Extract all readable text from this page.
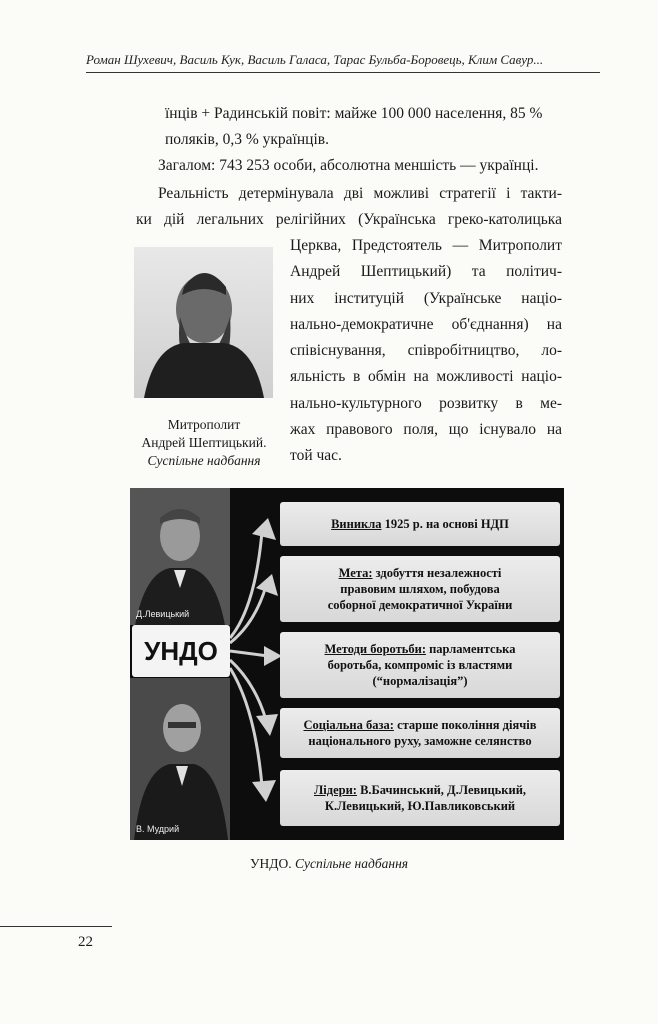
Роман Шухевич, Василь Кук, Василь Галаса, Тарас Бульба-Боровець, Клим Савур...
їнців + Радинській повіт: майже 100 000 населення, 85 %
поляків, 0,3 % українців.
Загалом: 743 253 особи, абсолютна меншість — українці.
Реальність детермінувала дві можливі стратегії і такти-
ки дій легальних релігійних (Українська греко-католицька
Церква, Предстоятель — Митрополит
Андрей Шептицький) та політич-
них інституцій (Українське націо-
нально-демократичне об'єднання) на
співіснування, співробітництво, ло-
яльність в обмін на можливості націо-
нально-культурного розвитку в ме-
жах правового поля, що існувало на
той час.
Митрополит
Андрей Шептицький.
Суспільне надбання
Д.Левицький
В. Мудрий
УНДО
Виникла 1925 р. на основі НДП
Мета: здобуття незалежності
правовим шляхом, побудова
соборної демократичної України
Методи боротьби: парламентська
боротьба, компроміс із властями
(“нормалізація”)
Соціальна база: старше покоління діячів
національного руху, заможне селянство
Лідери: В.Бачинський, Д.Левицький,
К.Левицький, Ю.Павликовський
УНДО. Суспільне надбання
22
